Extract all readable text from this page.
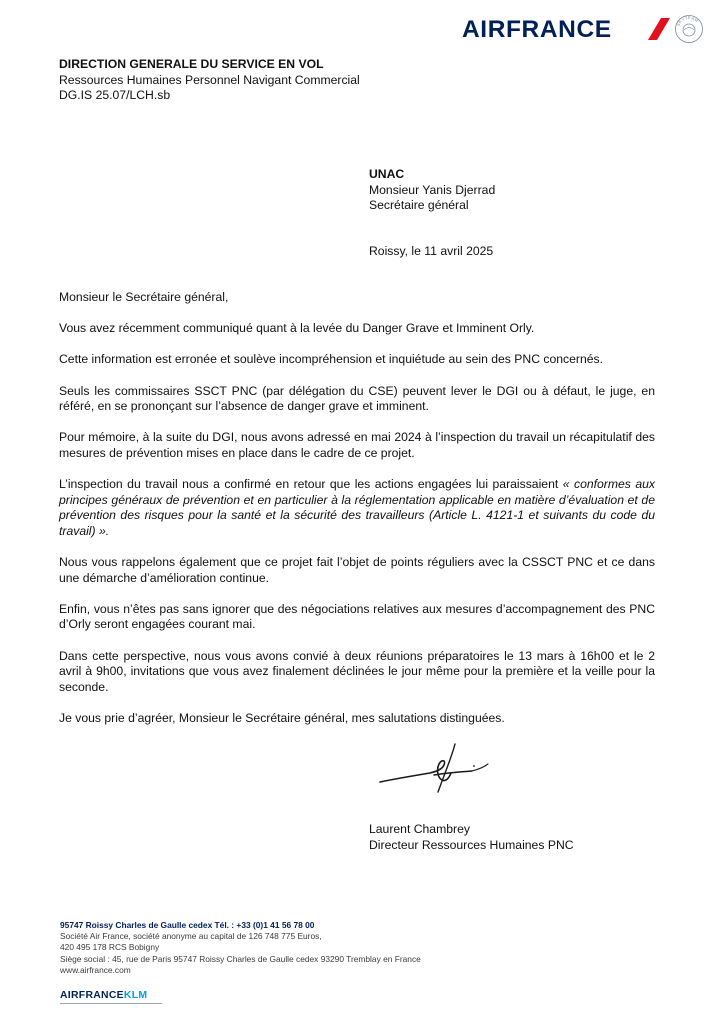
AIRFRANCE	SKYTEAM
DIRECTION GENERALE DU SERVICE EN VOL
Ressources Humaines Personnel Navigant Commercial
DG.IS 25.07/LCH.sb
UNAC
Monsieur Yanis Djerrad
Secrétaire général
Roissy, le 11 avril 2025

Monsieur le Secrétaire général,

Vous avez récemment communiqué quant à la levée du Danger Grave et Imminent Orly.

Cette information est erronée et soulève incompréhension et inquiétude au sein des PNC concernés.

Seuls les commissaires SSCT PNC (par délégation du CSE) peuvent lever le DGI ou à défaut, le juge, en référé, en se prononçant sur l’absence de danger grave et imminent.

Pour mémoire, à la suite du DGI, nous avons adressé en mai 2024 à l’inspection du travail un récapitulatif des mesures de prévention mises en place dans le cadre de ce projet.

L’inspection du travail nous a confirmé en retour que les actions engagées lui paraissaient « conformes aux principes généraux de prévention et en particulier à la réglementation applicable en matière d’évaluation et de prévention des risques pour la santé et la sécurité des travailleurs (Article L. 4121-1 et suivants du code du travail) ».

Nous vous rappelons également que ce projet fait l’objet de points réguliers avec la CSSCT PNC et ce dans une démarche d’amélioration continue.

Enfin, vous n’êtes pas sans ignorer que des négociations relatives aux mesures d’accompagnement des PNC d’Orly seront engagées courant mai.

Dans cette perspective, nous vous avons convié à deux réunions préparatoires le 13 mars à 16h00 et le 2 avril à 9h00, invitations que vous avez finalement déclinées le jour même pour la première et la veille pour la seconde.

Je vous prie d’agréer, Monsieur le Secrétaire général, mes salutations distinguées.

Laurent Chambrey
Directeur Ressources Humaines PNC
95747 Roissy Charles de Gaulle cedex Tél. : +33 (0)1 41 56 78 00
Société Air France, société anonyme au capital de 126 748 775 Euros,
420 495 178 RCS Bobigny
Siège social : 45, rue de Paris 95747 Roissy Charles de Gaulle cedex 93290 Tremblay en France
www.airfrance.com
AIRFRANCEKLM
